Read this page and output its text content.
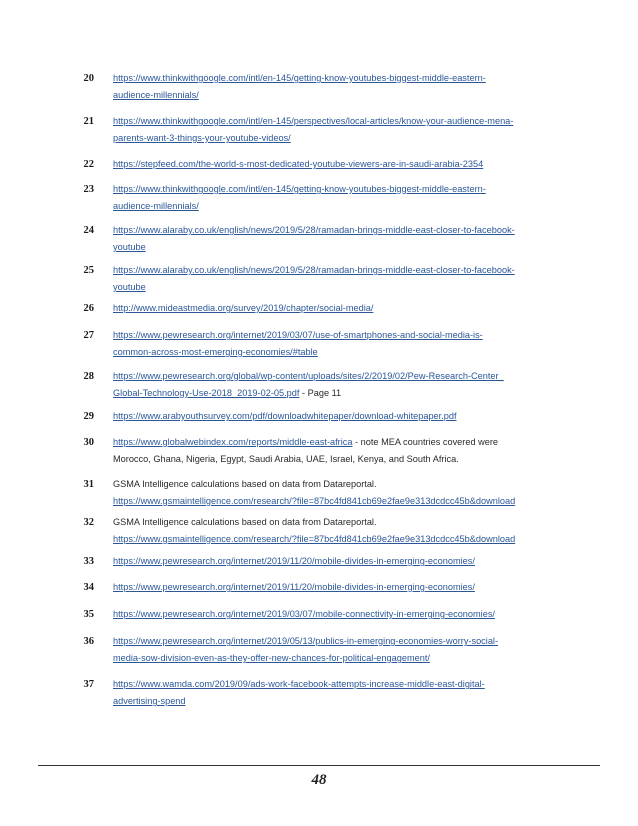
20 https://www.thinkwithgoogle.com/intl/en-145/getting-know-youtubes-biggest-middle-eastern-
audience-millennials/
21 https://www.thinkwithgoogle.com/intl/en-145/perspectives/local-articles/know-your-audience-mena-
parents-want-3-things-your-youtube-videos/
22 https://stepfeed.com/the-world-s-most-dedicated-youtube-viewers-are-in-saudi-arabia-2354
23 https://www.thinkwithgoogle.com/intl/en-145/getting-know-youtubes-biggest-middle-eastern-
audience-millennials/
24 https://www.alaraby.co.uk/english/news/2019/5/28/ramadan-brings-middle-east-closer-to-facebook-
youtube
25 https://www.alaraby.co.uk/english/news/2019/5/28/ramadan-brings-middle-east-closer-to-facebook-
youtube
26 http://www.mideastmedia.org/survey/2019/chapter/social-media/
27 https://www.pewresearch.org/internet/2019/03/07/use-of-smartphones-and-social-media-is-
common-across-most-emerging-economies/#table
28 https://www.pewresearch.org/global/wp-content/uploads/sites/2/2019/02/Pew-Research-Center_
Global-Technology-Use-2018_2019-02-05.pdf - Page 11
29 https://www.arabyouthsurvey.com/pdf/downloadwhitepaper/download-whitepaper.pdf
30 https://www.globalwebindex.com/reports/middle-east-africa - note MEA countries covered were
Morocco, Ghana, Nigeria, Egypt, Saudi Arabia, UAE, Israel, Kenya, and South Africa.
31 GSMA Intelligence calculations based on data from Datareportal.
https://www.gsmaintelligence.com/research/?file=87bc4fd841cb69e2fae9e313dcdcc45b&download
32 GSMA Intelligence calculations based on data from Datareportal.
https://www.gsmaintelligence.com/research/?file=87bc4fd841cb69e2fae9e313dcdcc45b&download
33 https://www.pewresearch.org/internet/2019/11/20/mobile-divides-in-emerging-economies/
34 https://www.pewresearch.org/internet/2019/11/20/mobile-divides-in-emerging-economies/
35 https://www.pewresearch.org/internet/2019/03/07/mobile-connectivity-in-emerging-economies/
36 https://www.pewresearch.org/internet/2019/05/13/publics-in-emerging-economies-worry-social-
media-sow-division-even-as-they-offer-new-chances-for-political-engagement/
37 https://www.wamda.com/2019/09/ads-work-facebook-attempts-increase-middle-east-digital-
advertising-spend
48
